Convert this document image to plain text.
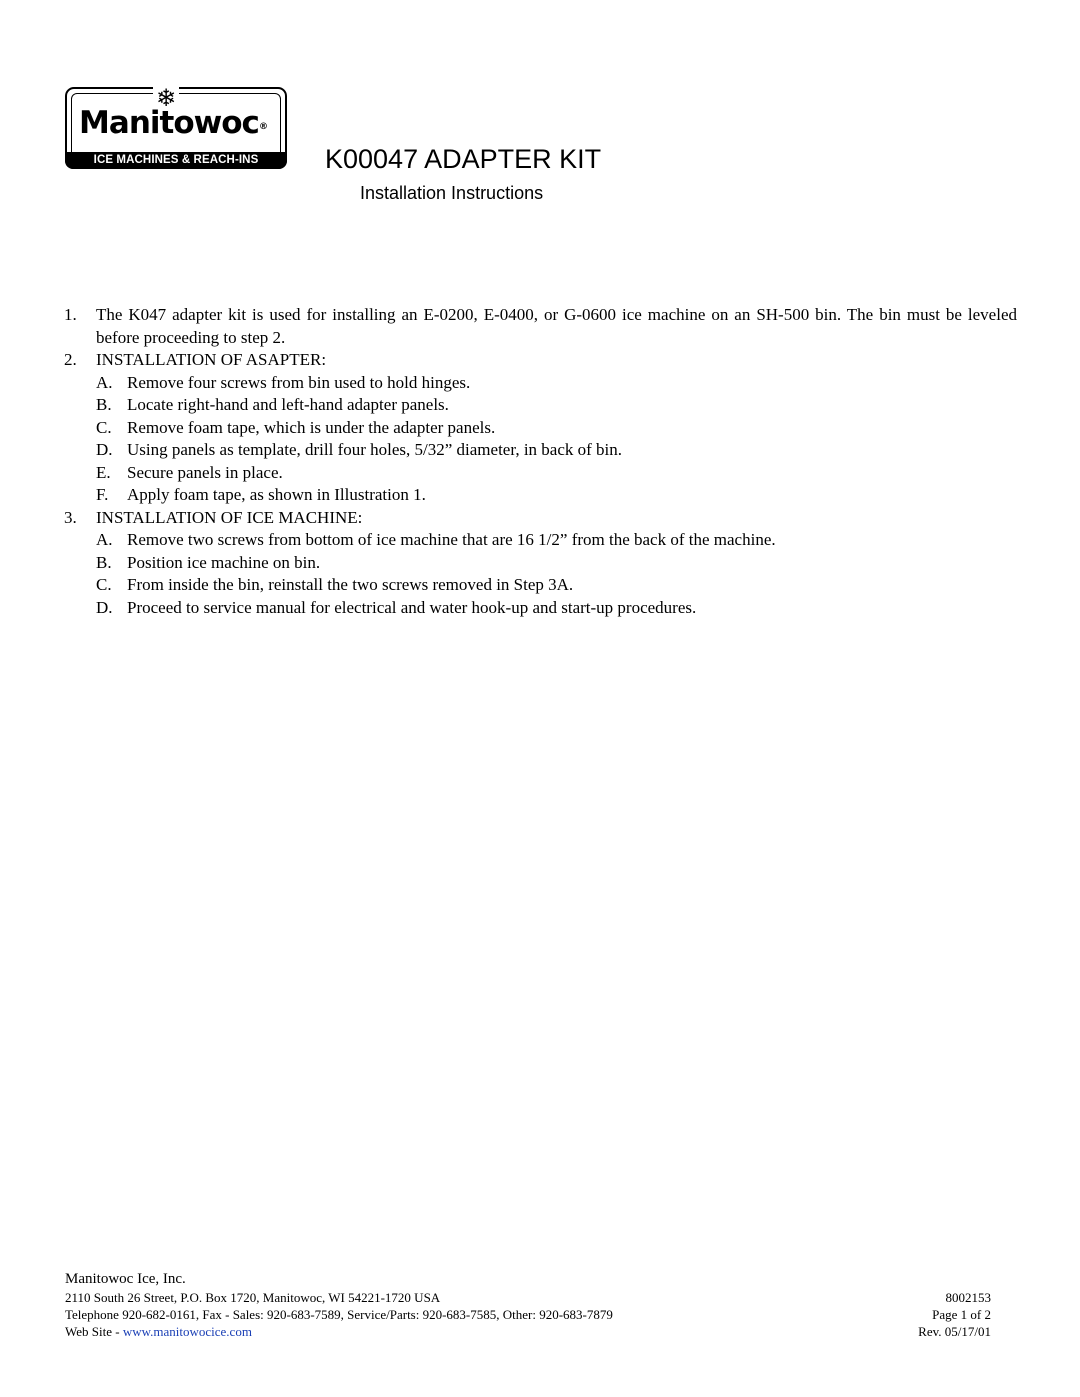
❄
Manitowoc®
ICE MACHINES & REACH-INS	K00047 ADAPTER KIT
Installation Instructions
1. The K047 adapter kit is used for installing an E-0200, E-0400, or G-0600 ice machine on an SH-500 bin. The bin must be leveled before proceeding to step 2.
2. INSTALLATION OF ASAPTER:
A. Remove four screws from bin used to hold hinges.
B. Locate right-hand and left-hand adapter panels.
C. Remove foam tape, which is under the adapter panels.
D. Using panels as template, drill four holes, 5/32” diameter, in back of bin.
E. Secure panels in place.
F. Apply foam tape, as shown in Illustration 1.
3. INSTALLATION OF ICE MACHINE:
A. Remove two screws from bottom of ice machine that are 16 1/2” from the back of the machine.
B. Position ice machine on bin.
C. From inside the bin, reinstall the two screws removed in Step 3A.
D. Proceed to service manual for electrical and water hook-up and start-up procedures.
Manitowoc Ice, Inc.
2110 South 26 Street, P.O. Box 1720, Manitowoc, WI 54221-1720 USA	8002153
Telephone 920-682-0161, Fax - Sales: 920-683-7589, Service/Parts: 920-683-7585, Other: 920-683-7879	Page 1 of 2
Web Site - www.manitowocice.com	Rev. 05/17/01
